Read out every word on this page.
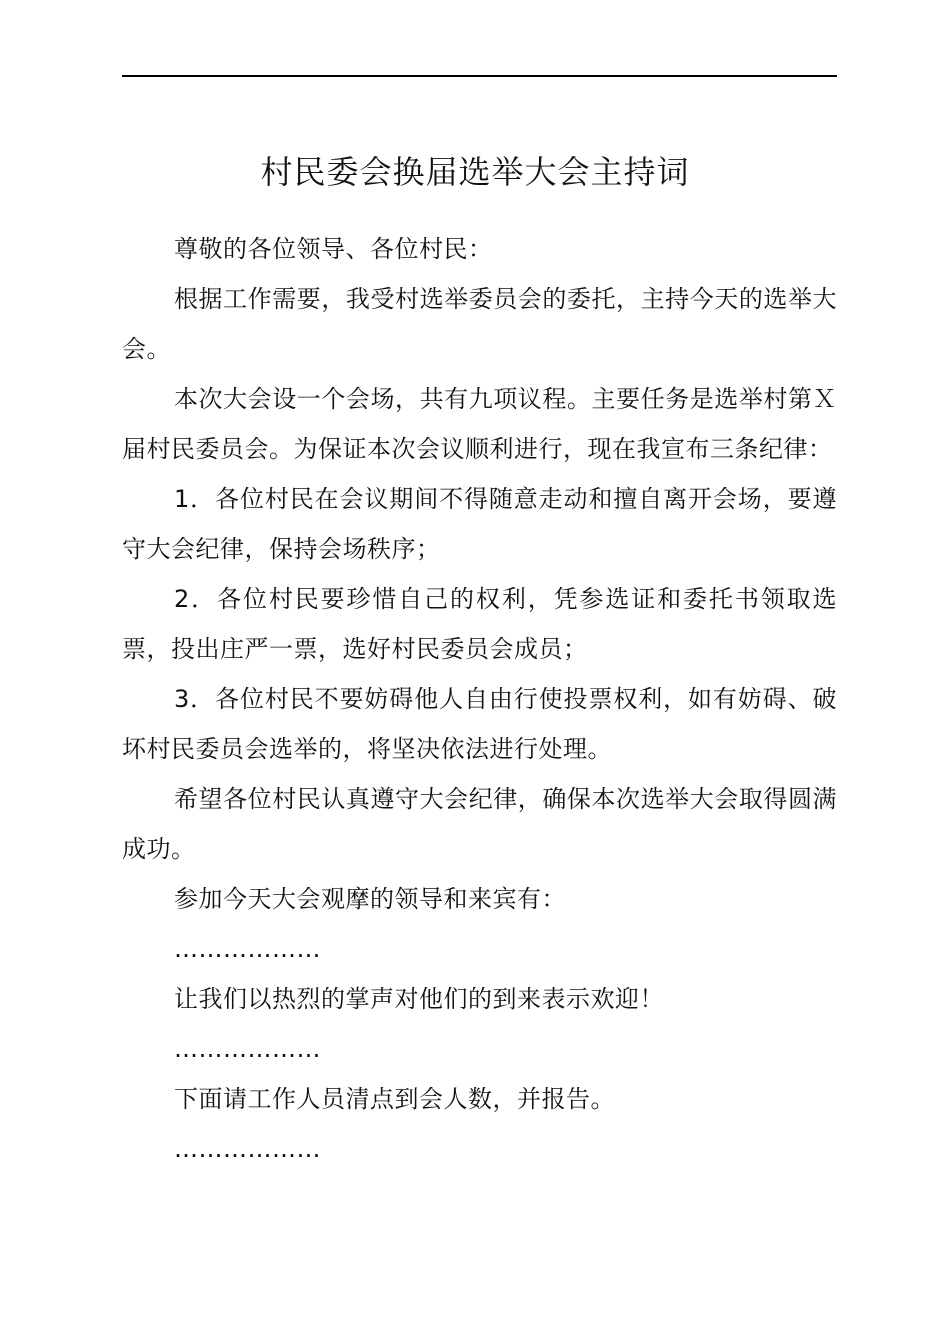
村民委会换届选举大会主持词

尊敬的各位领导、各位村民：

根据工作需要，我受村选举委员会的委托，主持今天的选举大会。

本次大会设一个会场，共有九项议程。主要任务是选举村第Ｘ届村民委员会。为保证本次会议顺利进行，现在我宣布三条纪律：

1．各位村民在会议期间不得随意走动和擅自离开会场，要遵守大会纪律，保持会场秩序；

2．各位村民要珍惜自己的权利，凭参选证和委托书领取选票，投出庄严一票，选好村民委员会成员；

3．各位村民不要妨碍他人自由行使投票权利，如有妨碍、破坏村民委员会选举的，将坚决依法进行处理。

希望各位村民认真遵守大会纪律，确保本次选举大会取得圆满成功。

参加今天大会观摩的领导和来宾有：

………………

让我们以热烈的掌声对他们的到来表示欢迎！

………………

下面请工作人员清点到会人数，并报告。

………………
